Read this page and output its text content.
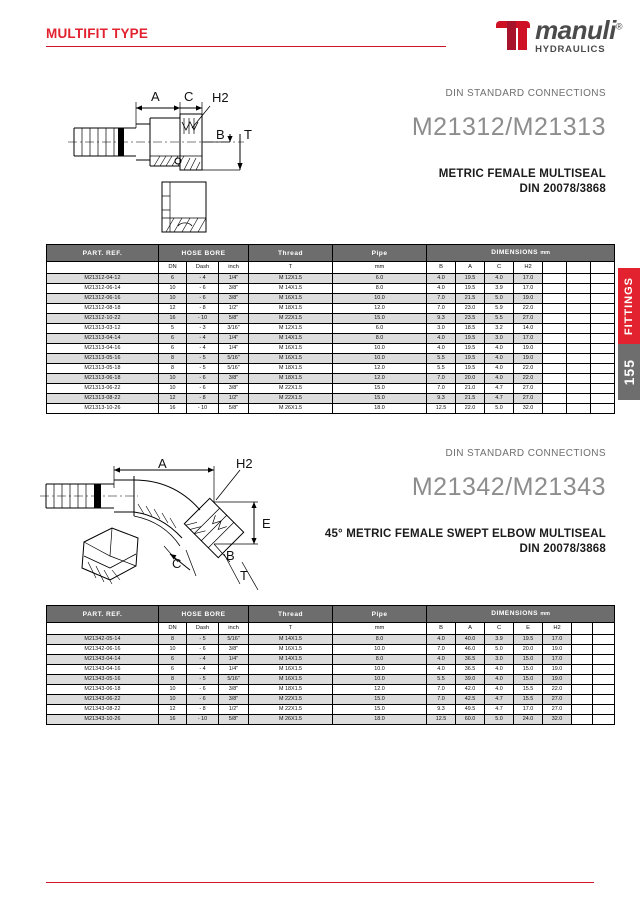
MULTIFIT TYPE	manuli®
HYDRAULICS
FITTINGS
155
DIN STANDARD CONNECTIONS
M21312/M21313
METRIC FEMALE MULTISEAL
DIN 20078/3868
A C H2
B T
PART. REF.	HOSE BORE			Thread	Pipe	DIMENSIONS mm						
	DN	Dash	inch	T	mm	B	A	C	H2			
M21312-04-12	6	- 4	1/4"	M 12X1.5	6.0	4.0	19.5	4.0	17.0			
M21312-06-14	10	- 6	3/8"	M 14X1.5	8.0	4.0	19.5	3.9	17.0			
M21312-06-16	10	- 6	3/8"	M 16X1.5	10.0	7.0	21.5	5.0	19.0			
M21312-08-18	12	- 8	1/2"	M 18X1.5	12.0	7.0	23.0	5.9	22.0			
M21312-10-22	16	- 10	5/8"	M 22X1.5	15.0	9.3	23.5	5.5	27.0			
M21313-03-12	5	- 3	3/16"	M 12X1.5	6.0	3.0	18.5	3.2	14.0			
M21313-04-14	6	- 4	1/4"	M 14X1.5	8.0	4.0	19.5	3.0	17.0			
M21313-04-16	6	- 4	1/4"	M 16X1.5	10.0	4.0	19.5	4.0	19.0			
M21313-05-16	8	- 5	5/16"	M 16X1.5	10.0	5.5	19.5	4.0	19.0			
M21313-05-18	8	- 5	5/16"	M 18X1.5	12.0	5.5	19.5	4.0	22.0			
M21313-06-18	10	- 6	3/8"	M 18X1.5	12.0	7.0	20.0	4.0	22.0			
M21313-06-22	10	- 6	3/8"	M 22X1.5	15.0	7.0	21.0	4.7	27.0			
M21313-08-22	12	- 8	1/2"	M 22X1.5	15.0	9.3	21.5	4.7	27.0			
M21313-10-26	16	- 10	5/8"	M 26X1.5	18.0	12.5	22.0	5.0	32.0			
DIN STANDARD CONNECTIONS
M21342/M21343
45° METRIC FEMALE SWEPT ELBOW MULTISEAL
DIN 20078/3868
A	H2
E
C
B
T
PART. REF.	HOSE BORE			Thread	Pipe	DIMENSIONS mm						
	DN	Dash	inch	T	mm	B	A	C	E	H2		
M21342-05-14	8	- 5	5/16"	M 14X1.5	8.0	4.0	40.0	3.9	19.5	17.0		
M21342-06-16	10	- 6	3/8"	M 16X1.5	10.0	7.0	46.0	5.0	20.0	19.0		
M21343-04-14	6	- 4	1/4"	M 14X1.5	8.0	4.0	36.5	3.0	15.0	17.0		
M21343-04-16	6	- 4	1/4"	M 16X1.5	10.0	4.0	36.5	4.0	15.0	19.0		
M21343-05-16	8	- 5	5/16"	M 16X1.5	10.0	5.5	39.0	4.0	15.0	19.0		
M21343-06-18	10	- 6	3/8"	M 18X1.5	12.0	7.0	42.0	4.0	15.5	22.0		
M21343-06-22	10	- 6	3/8"	M 22X1.5	15.0	7.0	42.5	4.7	15.5	27.0		
M21343-08-22	12	- 8	1/2"	M 22X1.5	15.0	9.3	49.5	4.7	17.0	27.0		
M21343-10-26	16	- 10	5/8"	M 26X1.5	18.0	12.5	60.0	5.0	24.0	32.0		
